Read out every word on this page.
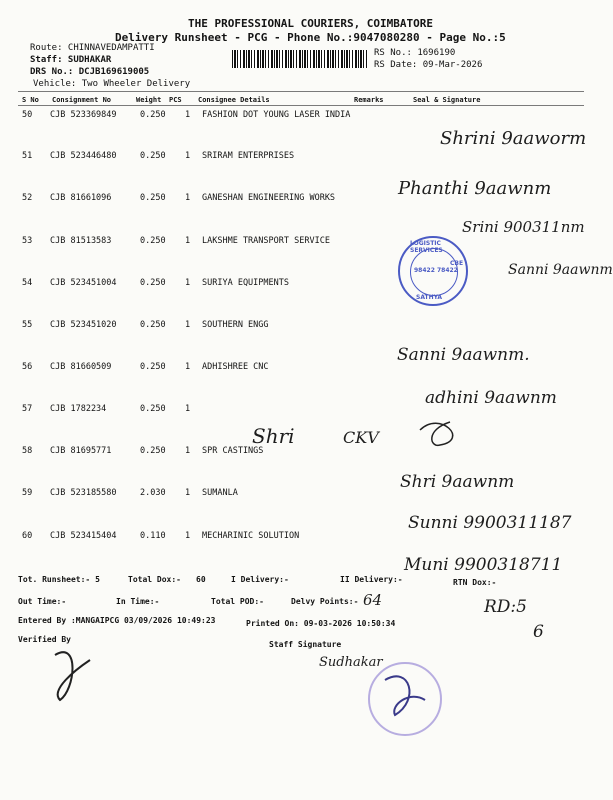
THE PROFESSIONAL COURIERS, COIMBATORE
Delivery Runsheet - PCG - Phone No.:9047080280 - Page No.:5
Route: CHINNAVEDAMPATTI
Staff: SUDHAKAR
DRS No.: DCJB169619005
Vehicle: Two Wheeler Delivery
RS No.: 1696190
RS Date: 09-Mar-2026
S No Consignment No	Weight PCS Consignee Details	Remarks	Seal & Signature
50 CJB 523369849	0.250 1 FASHION DOT YOUNG LASER INDIA
51 CJB 523446480	0.250 1 SRIRAM ENTERPRISES
52 CJB 81661096	0.250 1 GANESHAN ENGINEERING WORKS
53 CJB 81513583	0.250 1 LAKSHME TRANSPORT SERVICE
54 CJB 523451004	0.250 1 SURIYA EQUIPMENTS
55 CJB 523451020	0.250 1 SOUTHERN ENGG
56 CJB 81660509	0.250 1 ADHISHREE CNC
57 CJB 1782234	0.250 1
58 CJB 81695771	0.250 1 SPR CASTINGS
59 CJB 523185580	2.030 1 SUMANLA
60 CJB 523415404	0.110 1 MECHARINIC SOLUTION
Tot. Runsheet:- 5	Total Dox:- 60	I Delivery:-	II Delivery:-	RTN Dox:-
Out Time:-	In Time:-	Total POD:-	Delvy Points:-
Entered By :MANGAIPCG 03/09/2026 10:49:23	Printed On: 09-03-2026 10:50:34
Verified By
Staff Signature
Shrini 9aaworm
Phanthi 9aawnm
Srini 900311nm
Sanni 9aawnm
Sanni 9aawnm.
adhini 9aawnm
Shri	CKV
Shri 9aawnm
Sunni 9900311187
Muni 9900318711
64	RD:5
6
Sudhakar
LOGISTIC SERVICES
SATHYA
98422 78422
CBE
